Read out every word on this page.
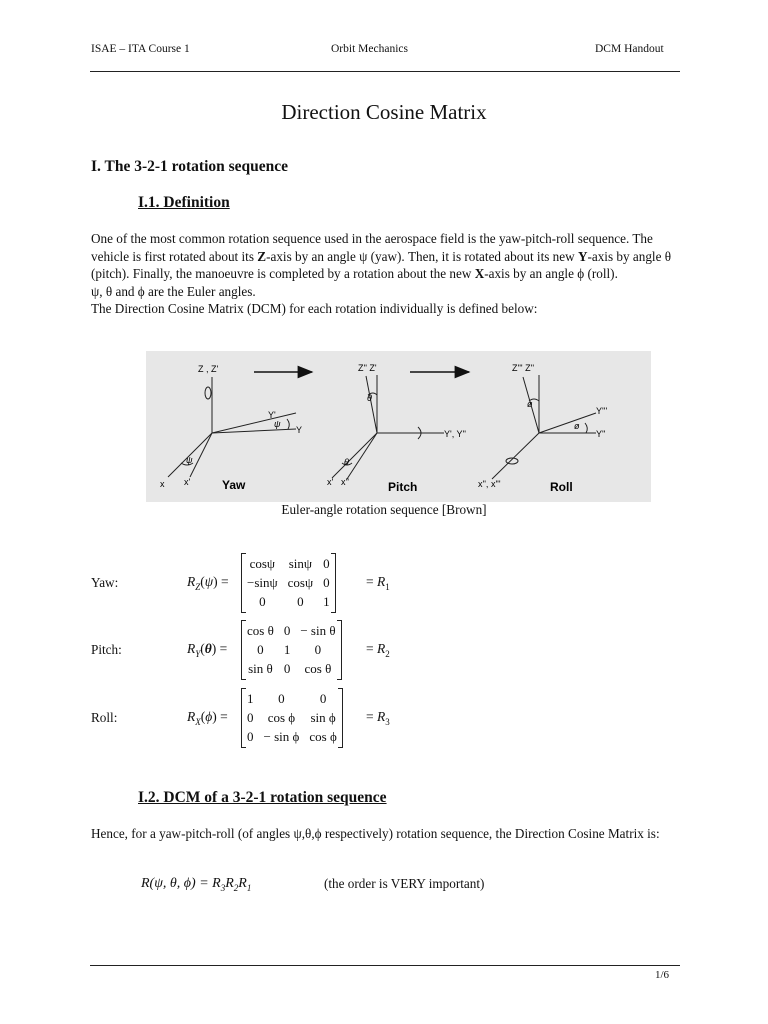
ISAE – ITA Course 1	Orbit Mechanics	DCM Handout
Direction Cosine Matrix
I. The 3-2-1 rotation sequence
I.1. Definition
One of the most common rotation sequence used in the aerospace field is the yaw-pitch-roll sequence. The vehicle is first rotated about its Z-axis by an angle ψ (yaw). Then, it is rotated about its new Y-axis by angle θ (pitch). Finally, the manoeuvre is completed by a rotation about the new X-axis by an angle ϕ (roll).
ψ, θ and ϕ are the Euler angles.
The Direction Cosine Matrix (DCM) for each rotation individually is defined below:
Z , Z'
Y'
Y
ψ
ψ
x x'	Yaw
Z'' Z'
θ
θ
Y', Y''
x' x''	Pitch
Z''' Z''
ø
ø
Y'''
Y''
x'', x'''	Roll
Euler-angle rotation sequence [Brown]
Yaw:	$R_Z(\psi)$ =
cosψ	sinψ	0
−sinψ	cosψ	0
0	0	1
= $R_1$
Pitch:	$R_Y(\theta)$ =
cos θ	0	− sin θ
0	1	0
sin θ	0	cos θ
= $R_2$
Roll:	$R_X(\phi)$ =
1	0	0
0	cos ϕ	sin ϕ
0	− sin ϕ	cos ϕ
= $R_3$
I.2. DCM of a 3-2-1 rotation sequence
Hence, for a yaw-pitch-roll (of angles ψ,θ,ϕ respectively) rotation sequence, the Direction Cosine Matrix is:
R(ψ, θ, $\phi) = R_3R_2R_1$	(the order is VERY important)
1/6
